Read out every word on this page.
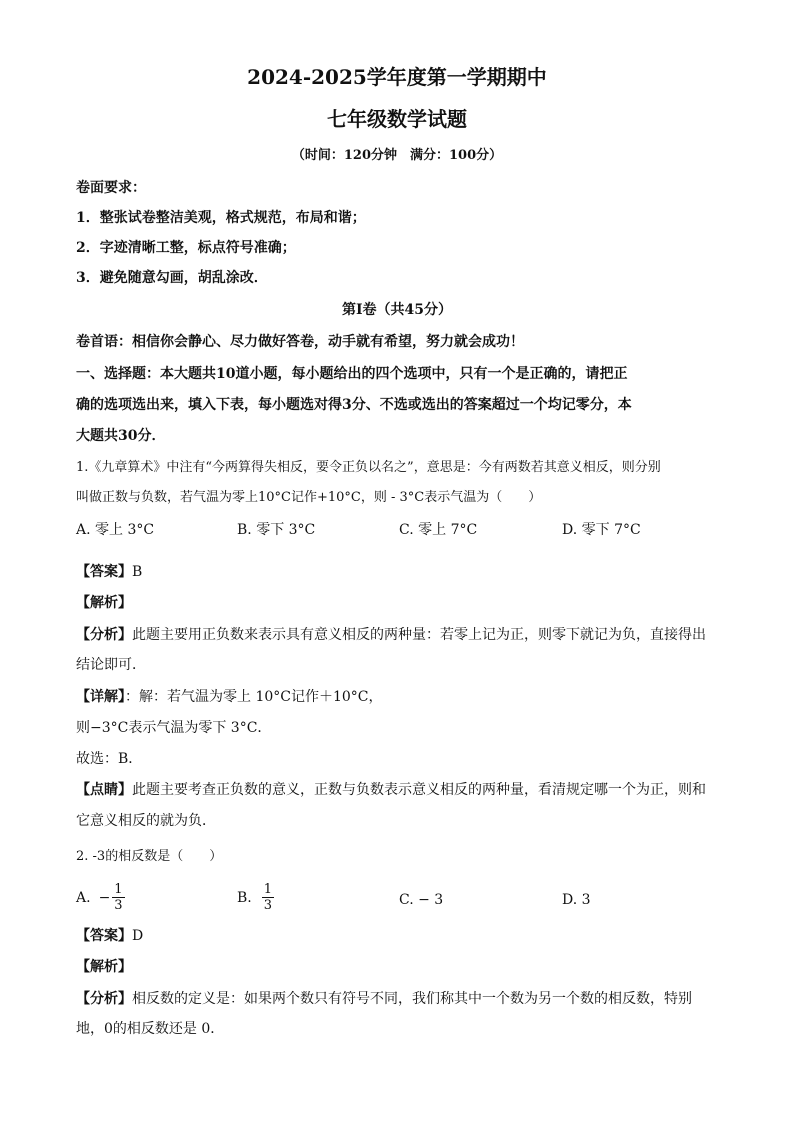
2024-2025学年度第一学期期中
七年级数学试题
（时间：120分钟　满分：100分）
卷面要求：
1．整张试卷整洁美观，格式规范，布局和谐；
2．字迹清晰工整，标点符号准确；
3．避免随意勾画，胡乱涂改．
第Ⅰ卷（共45分）
卷首语：相信你会静心、尽力做好答卷，动手就有希望，努力就会成功！
一、选择题：本大题共10道小题，每小题给出的四个选项中，只有一个是正确的，请把正
确的选项选出来，填入下表，每小题选对得3分、不选或选出的答案超过一个均记零分，本
大题共30分．
1.《九章算术》中注有“今两算得失相反，要令正负以名之”，意思是：今有两数若其意义相反，则分别
叫做正数与负数，若气温为零上10°C记作+10°C，则 - 3°C表示气温为（　　）
A. 零上 3°C	B. 零下 3°C	C. 零上 7°C	D. 零下 7°C
【答案】B
【解析】
【分析】此题主要用正负数来表示具有意义相反的两种量：若零上记为正，则零下就记为负，直接得出
结论即可．
【详解】：解：若气温为零上 10°C记作＋10°C，
则−3°C表示气温为零下 3°C．
故选：B．
【点睛】此题主要考查正负数的意义，正数与负数表示意义相反的两种量，看清规定哪一个为正，则和
它意义相反的就为负．
2. -3的相反数是（　　）
A. − $\frac{1}{3}$	B. $\frac{1}{3}$	C. − 3	D. 3
【答案】D
【解析】
【分析】相反数的定义是：如果两个数只有符号不同，我们称其中一个数为另一个数的相反数，特别
地，0的相反数还是 0．
